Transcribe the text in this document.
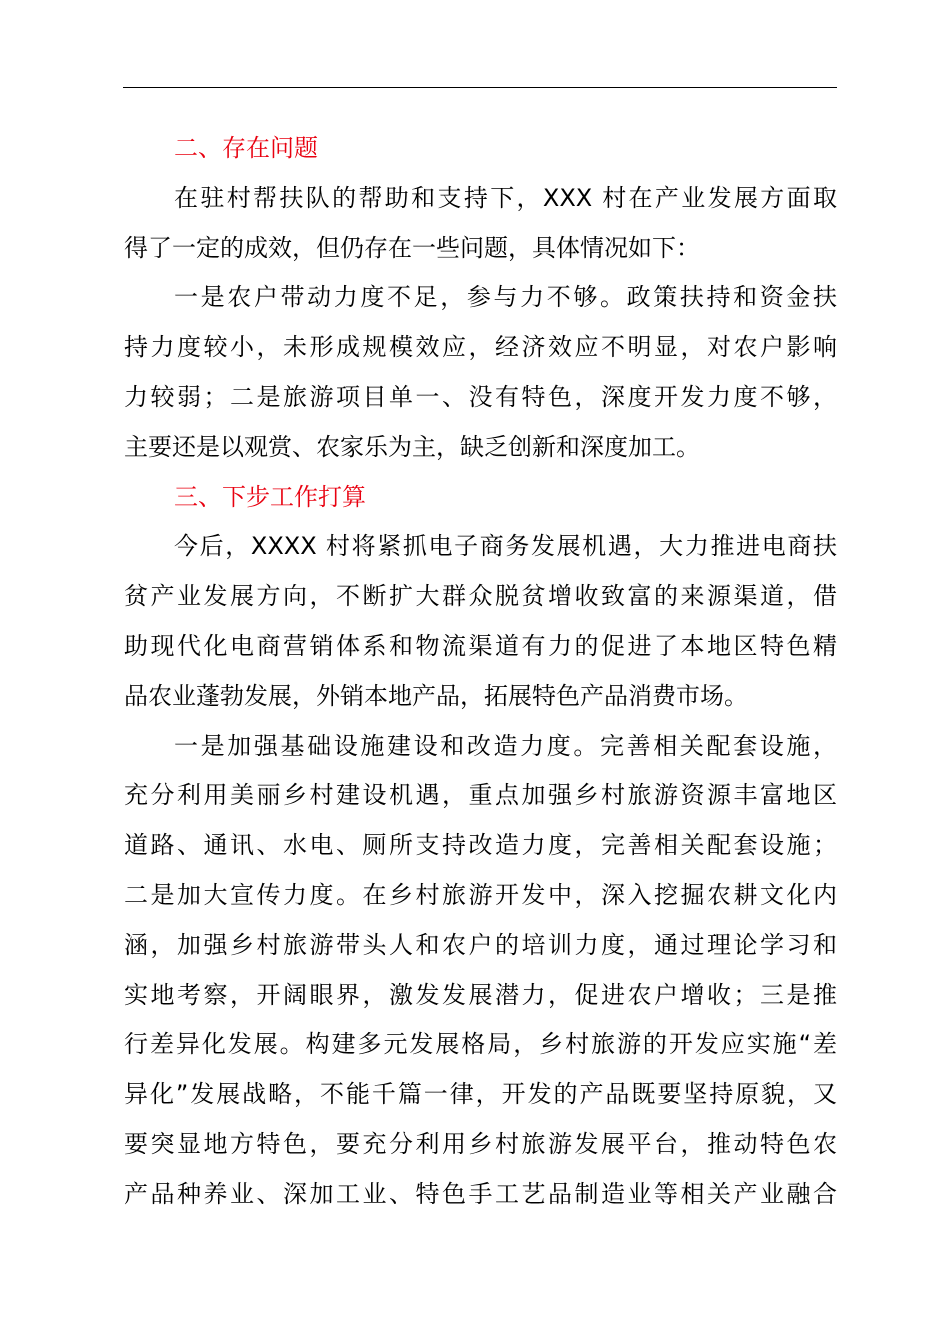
二、存在问题
在驻村帮扶队的帮助和支持下，XXX 村在产业发展方面取
得了一定的成效，但仍存在一些问题，具体情况如下：
一是农户带动力度不足，参与力不够。政策扶持和资金扶
持力度较小，未形成规模效应，经济效应不明显，对农户影响
力较弱；二是旅游项目单一、没有特色，深度开发力度不够，
主要还是以观赏、农家乐为主，缺乏创新和深度加工。
三、下步工作打算
今后，XXXX 村将紧抓电子商务发展机遇，大力推进电商扶
贫产业发展方向，不断扩大群众脱贫增收致富的来源渠道，借
助现代化电商营销体系和物流渠道有力的促进了本地区特色精
品农业蓬勃发展，外销本地产品，拓展特色产品消费市场。
一是加强基础设施建设和改造力度。完善相关配套设施，
充分利用美丽乡村建设机遇，重点加强乡村旅游资源丰富地区
道路、通讯、水电、厕所支持改造力度，完善相关配套设施；
二是加大宣传力度。在乡村旅游开发中，深入挖掘农耕文化内
涵，加强乡村旅游带头人和农户的培训力度，通过理论学习和
实地考察，开阔眼界，激发发展潜力，促进农户增收；三是推
行差异化发展。构建多元发展格局，乡村旅游的开发应实施“差
异化”发展战略，不能千篇一律，开发的产品既要坚持原貌，又
要突显地方特色，要充分利用乡村旅游发展平台，推动特色农
产品种养业、深加工业、特色手工艺品制造业等相关产业融合
